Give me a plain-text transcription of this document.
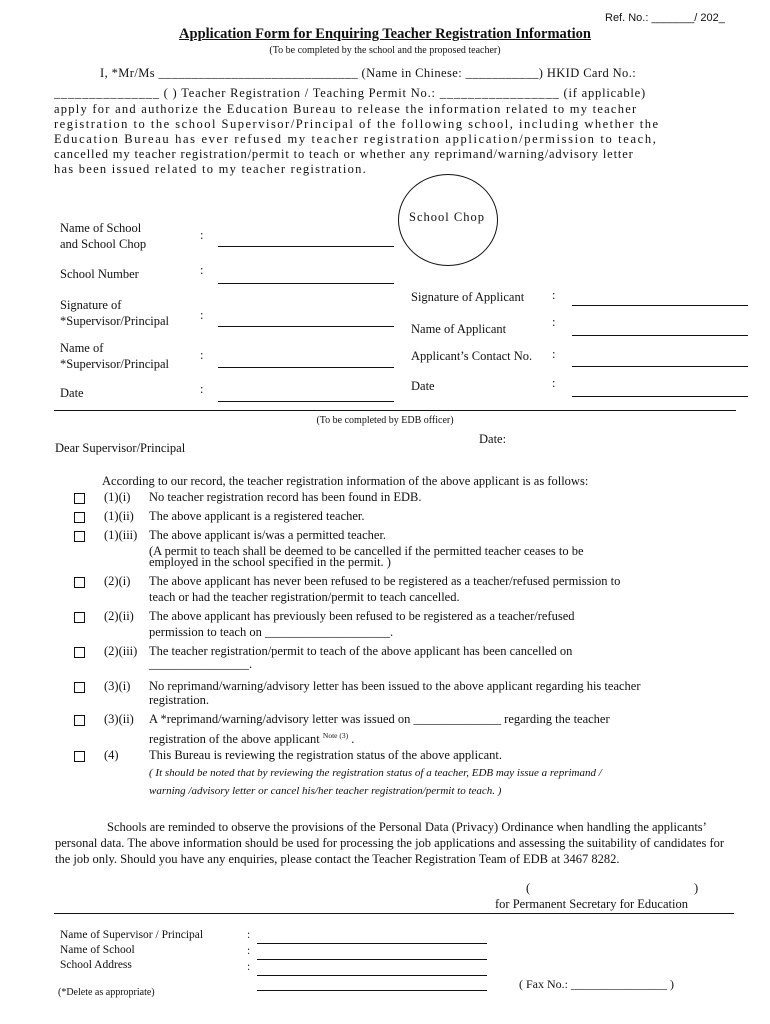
Ref. No.: _______/ 202_
Application Form for Enquiring Teacher Registration Information
(To be completed by the school and the proposed teacher)
I, *Mr/Ms ______________________________ (Name in Chinese: ___________) HKID Card No.:
_______________ ( ) Teacher Registration / Teaching Permit No.: _________________ (if applicable)
apply for and authorize the Education Bureau to release the information related to my teacher
registration to the school Supervisor/Principal of the following school, including whether the
Education Bureau has ever refused my teacher registration application/permission to teach,
cancelled my teacher registration/permit to teach or whether any reprimand/warning/advisory letter
has been issued related to my teacher registration.
School Chop
Name of School
and School Chop
:
School Number	:
Signature of
*Supervisor/Principal :
Name of
*Supervisor/Principal
:
Date	:
Signature of Applicant :
Name of Applicant	:
Applicant’s Contact No. :
Date	:
(To be completed by EDB officer)
Date:
Dear Supervisor/Principal
According to our record, the teacher registration information of the above applicant is as follows:
(1)(i) No teacher registration record has been found in EDB.
(1)(ii) The above applicant is a registered teacher.
(1)(iii) The above applicant is/was a permitted teacher.
(A permit to teach shall be deemed to be cancelled if the permitted teacher ceases to be
employed in the school specified in the permit. )
(2)(i) The above applicant has never been refused to be registered as a teacher/refused permission to
teach or had the teacher registration/permit to teach cancelled.
(2)(ii) The above applicant has previously been refused to be registered as a teacher/refused
permission to teach on ____________________.
(2)(iii) The teacher registration/permit to teach of the above applicant has been cancelled on
________________.
(3)(i) No reprimand/warning/advisory letter has been issued to the above applicant regarding his teacher
registration.
(3)(ii) A *reprimand/warning/advisory letter was issued on ______________ regarding the teacher
registration of the above applicant $^{Note (3)}$ .
(4) This Bureau is reviewing the registration status of the above applicant.
( It should be noted that by reviewing the registration status of a teacher, EDB may issue a reprimand /
warning /advisory letter or cancel his/her teacher registration/permit to teach. )
Schools are reminded to observe the provisions of the Personal Data (Privacy) Ordinance when handling the applicants’ personal data. The above information should be used for processing the job applications and assessing the suitability of candidates for the job only. Should you have any enquiries, please contact the Teacher Registration Team of EDB at 3467 8282.
(	)
for Permanent Secretary for Education
Name of Supervisor / Principal	:
Name of School	:
School Address	:
( Fax No.: ________________ )
(*Delete as appropriate)
